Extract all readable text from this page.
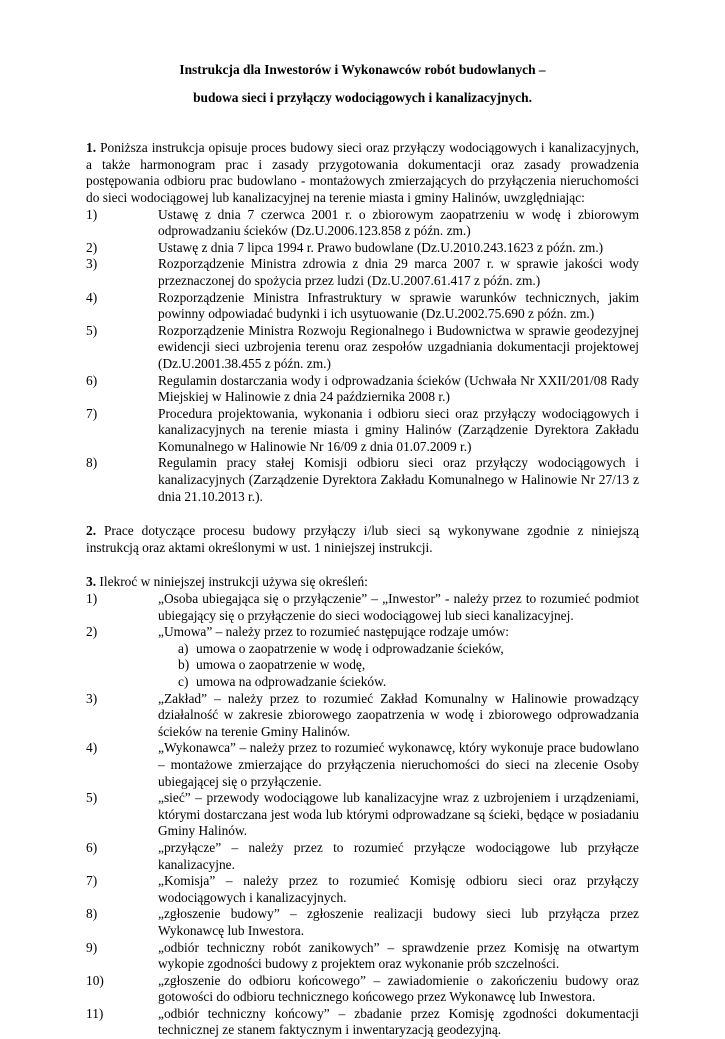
Instrukcja dla Inwestorów i Wykonawców robót budowlanych –

budowa sieci i przyłączy wodociągowych i kanalizacyjnych.

1. Poniższa instrukcja opisuje proces budowy sieci oraz przyłączy wodociągowych i kanalizacyjnych, a także harmonogram prac i zasady przygotowania dokumentacji oraz zasady prowadzenia postępowania odbioru prac budowlano - montażowych zmierzających do przyłączenia nieruchomości do sieci wodociągowej lub kanalizacyjnej na terenie miasta i gminy Halinów, uwzględniając:

1)	Ustawę z dnia 7 czerwca 2001 r. o zbiorowym zaopatrzeniu w wodę i zbiorowym odprowadzaniu ścieków (Dz.U.2006.123.858 z późn. zm.)
2)	Ustawę z dnia 7 lipca 1994 r. Prawo budowlane (Dz.U.2010.243.1623 z późn. zm.)
3)	Rozporządzenie Ministra zdrowia z dnia 29 marca 2007 r. w sprawie jakości wody przeznaczonej do spożycia przez ludzi (Dz.U.2007.61.417 z późn. zm.)
4)	Rozporządzenie Ministra Infrastruktury w sprawie warunków technicznych, jakim powinny odpowiadać budynki i ich usytuowanie (Dz.U.2002.75.690 z późn. zm.)
5)	Rozporządzenie Ministra Rozwoju Regionalnego i Budownictwa w sprawie geodezyjnej ewidencji sieci uzbrojenia terenu oraz zespołów uzgadniania dokumentacji projektowej (Dz.U.2001.38.455 z późn. zm.)
6)	Regulamin dostarczania wody i odprowadzania ścieków (Uchwała Nr XXII/201/08 Rady Miejskiej w Halinowie z dnia 24 października 2008 r.)
7)	Procedura projektowania, wykonania i odbioru sieci oraz przyłączy wodociągowych i kanalizacyjnych na terenie miasta i gminy Halinów (Zarządzenie Dyrektora Zakładu Komunalnego w Halinowie Nr 16/09 z dnia 01.07.2009 r.)
8)	Regulamin pracy stałej Komisji odbioru sieci oraz przyłączy wodociągowych i kanalizacyjnych (Zarządzenie Dyrektora Zakładu Komunalnego w Halinowie Nr 27/13 z dnia 21.10.2013 r.).

2. Prace dotyczące procesu budowy przyłączy i/lub sieci są wykonywane zgodnie z niniejszą instrukcją oraz aktami określonymi w ust. 1 niniejszej instrukcji.

3. Ilekroć w niniejszej instrukcji używa się określeń:

1)	„Osoba ubiegająca się o przyłączenie” – „Inwestor” - należy przez to rozumieć podmiot ubiegający się o przyłączenie do sieci wodociągowej lub sieci kanalizacyjnej.
2)	„Umowa” – należy przez to rozumieć następujące rodzaje umów:
a) umowa o zaopatrzenie w wodę i odprowadzanie ścieków,
b) umowa o zaopatrzenie w wodę,
c) umowa na odprowadzanie ścieków.
3)	„Zakład” – należy przez to rozumieć Zakład Komunalny w Halinowie prowadzący działalność w zakresie zbiorowego zaopatrzenia w wodę i zbiorowego odprowadzania ścieków na terenie Gminy Halinów.
4)	„Wykonawca” – należy przez to rozumieć wykonawcę, który wykonuje prace budowlano – montażowe zmierzające do przyłączenia nieruchomości do sieci na zlecenie Osoby ubiegającej się o przyłączenie.
5)	„sieć” – przewody wodociągowe lub kanalizacyjne wraz z uzbrojeniem i urządzeniami, którymi dostarczana jest woda lub którymi odprowadzane są ścieki, będące w posiadaniu Gminy Halinów.
6)	„przyłącze” – należy przez to rozumieć przyłącze wodociągowe lub przyłącze kanalizacyjne.
7)	„Komisja” – należy przez to rozumieć Komisję odbioru sieci oraz przyłączy wodociągowych i kanalizacyjnych.
8)	„zgłoszenie budowy” – zgłoszenie realizacji budowy sieci lub przyłącza przez Wykonawcę lub Inwestora.
9)	„odbiór techniczny robót zanikowych” – sprawdzenie przez Komisję na otwartym wykopie zgodności budowy z projektem oraz wykonanie prób szczelności.
10)	„zgłoszenie do odbioru końcowego” – zawiadomienie o zakończeniu budowy oraz gotowości do odbioru technicznego końcowego przez Wykonawcę lub Inwestora.
11)	„odbiór techniczny końcowy” – zbadanie przez Komisję zgodności dokumentacji technicznej ze stanem faktycznym i inwentaryzacją geodezyjną.
